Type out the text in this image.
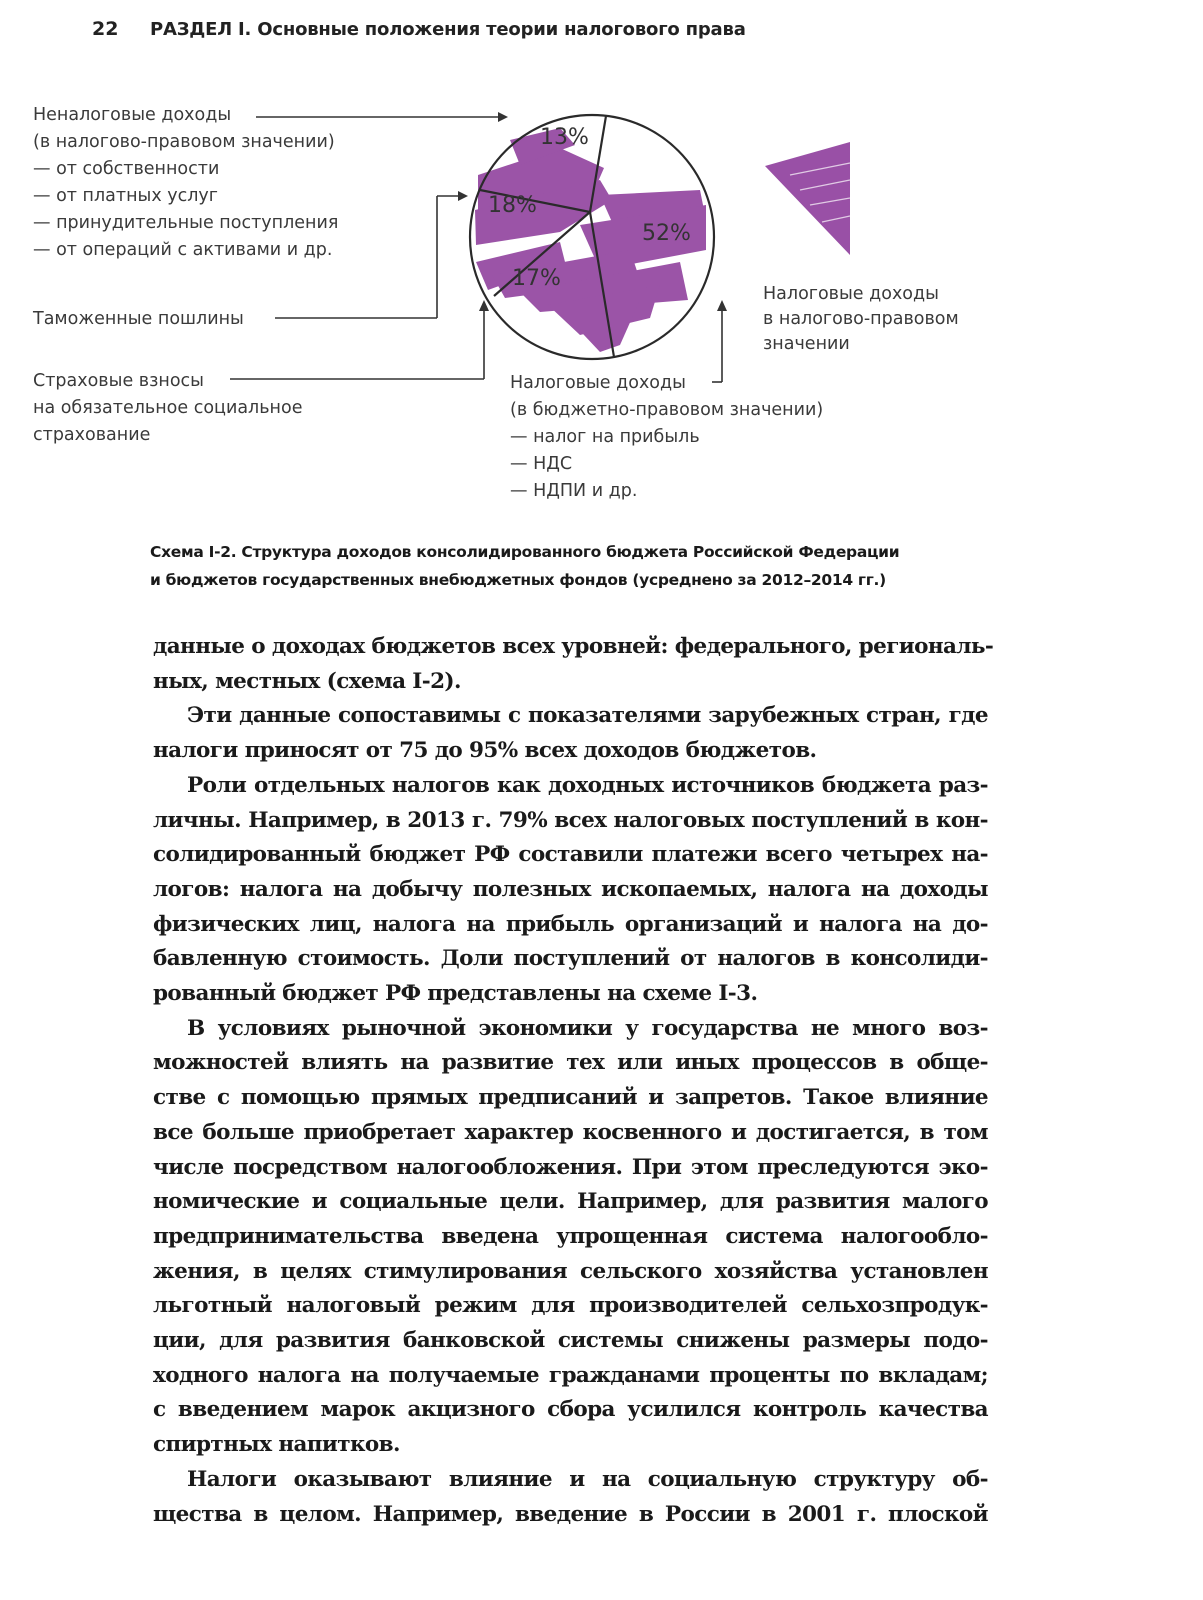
22 РАЗДЕЛ I. Основные положения теории налогового права
13%
18%
52%
17%
Неналоговые доходы
(в налогово-правовом значении)
— от собственности
— от платных услуг
— принудительные поступления
— от операций с активами и др.
Таможенные пошлины
Страховые взносы
на обязательное социальное
страхование
Налоговые доходы
(в бюджетно-правовом значении)
— налог на прибыль
— НДС
— НДПИ и др.
Налоговые доходы
в налогово-правовом
значении
Схема I-2. Структура доходов консолидированного бюджета Российской Федерации
и бюджетов государственных внебюджетных фондов (усреднено за 2012–2014 гг.)
данные о доходах бюджетов всех уровней: федерального, региональ-
ных, местных (схема I-2).
Эти данные сопоставимы с показателями зарубежных стран, где
налоги приносят от 75 до 95% всех доходов бюджетов.
Роли отдельных налогов как доходных источников бюджета раз-
личны. Например, в 2013 г. 79% всех налоговых поступлений в кон-
солидированный бюджет РФ составили платежи всего четырех на-
логов: налога на добычу полезных ископаемых, налога на доходы
физических лиц, налога на прибыль организаций и налога на до-
бавленную стоимость. Доли поступлений от налогов в консолиди-
рованный бюджет РФ представлены на схеме I-3.
В условиях рыночной экономики у государства не много воз-
можностей влиять на развитие тех или иных процессов в обще-
стве с помощью прямых предписаний и запретов. Такое влияние
все больше приобретает характер косвенного и достигается, в том
числе посредством налогообложения. При этом преследуются эко-
номические и социальные цели. Например, для развития малого
предпринимательства введена упрощенная система налогообло-
жения, в целях стимулирования сельского хозяйства установлен
льготный налоговый режим для производителей сельхозпродук-
ции, для развития банковской системы снижены размеры подо-
ходного налога на получаемые гражданами проценты по вкладам;
с введением марок акцизного сбора усилился контроль качества
спиртных напитков.
Налоги оказывают влияние и на социальную структуру об-
щества в целом. Например, введение в России в 2001 г. плоской
